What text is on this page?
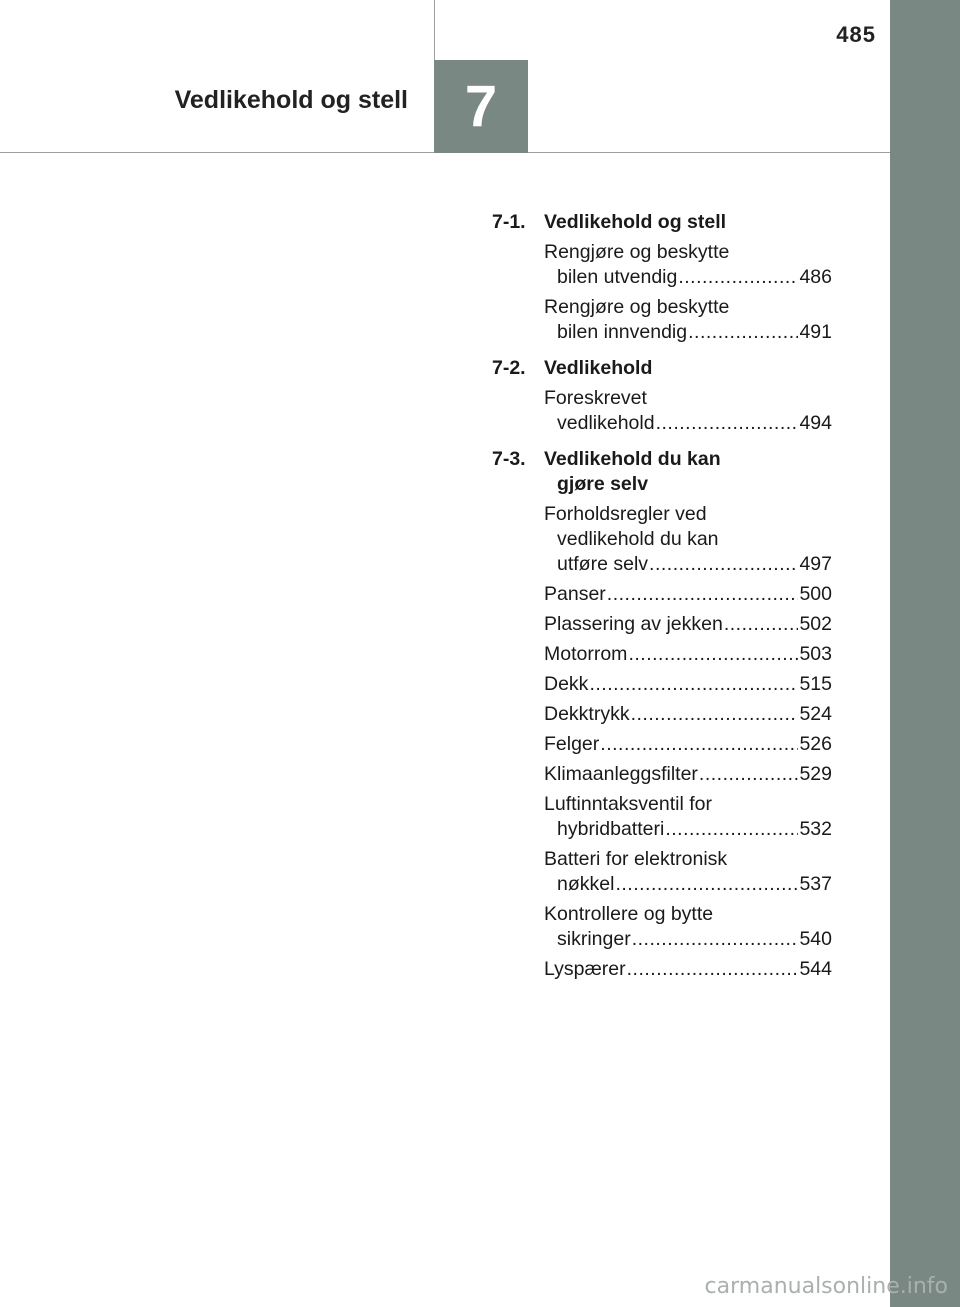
485
Vedlikehold og stell 7
7-1. Vedlikehold og stell
Rengjøre og beskytte
bilen utvendig .....	486
Rengjøre og beskytte
bilen innvendig .....	491
7-2. Vedlikehold
Foreskrevet
vedlikehold .....	494
7-3. Vedlikehold du kan
gjøre selv
Forholdsregler ved
vedlikehold du kan
utføre selv .....	497
Panser .....	500
Plassering av jekken .....	502
Motorrom .....	503
Dekk .....	515
Dekktrykk .....	524
Felger .....	526
Klimaanleggsfilter .....	529
Luftinntaksventil for
hybridbatteri .....	532
Batteri for elektronisk
nøkkel .....	537
Kontrollere og bytte
sikringer .....	540
Lyspærer .....	544
carmanualsonline.info
